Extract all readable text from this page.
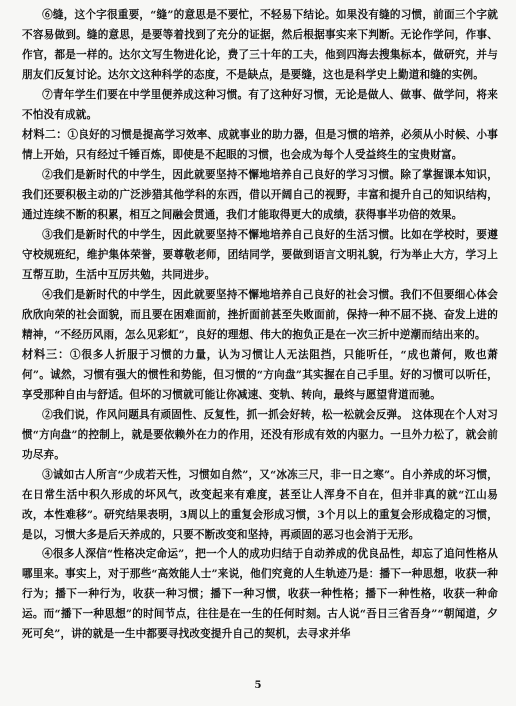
⑥缝，这个字很重要，“缝”的意思是不要忙，不轻易下结论。如果没有缝的习惯，前面三个字就不容易做到。缝的意思，是要等着找到了充分的证据，然后根据事实来下判断。无论作学问，作事、作官，都是一样的。达尔文写生物进化论，费了三十年的工夫，他到四海去搜集标本，做研究，并与朋友们反复讨论。达尔文这种科学的态度，不是缺点，是要缝，这也是科学史上勤道和缝的实例。

⑦青年学生们要在中学里便养成这种习惯。有了这种好习惯，无论是做人、做事、做学问，将来不怕没有成就。

材料二：①良好的习惯是提高学习效率、成就事业的助力器，但是习惯的培养，必须从小时候、小事情上开始，只有经过千锤百炼，即使是不起眼的习惯，也会成为每个人受益终生的宝贵财富。

②我们是新时代的中学生，因此就要坚持不懈地培养自己良好的学习习惯。除了掌握课本知识，我们还要积极主动的广泛涉猎其他学科的东西，借以开阔自己的视野，丰富和提升自己的知识结构，通过连续不断的积累，相互之间融会贯通，我们才能取得更大的成绩，获得事半功倍的效果。

③我们是新时代的中学生，因此就要坚持不懈地培养自己良好的生活习惯。比如在学校时，要遵守校规班纪，维护集体荣誉，要尊敬老师，团结同学，要做到语言文明礼貌，行为举止大方，学习上互帮互助，生活中互厉共勉，共同进步。

④我们是新时代的中学生，因此就要坚持不懈地培养自己良好的社会习惯。我们不但要细心体会欣欣向荣的社会面貌，而且要在困难面前，挫折面前甚至失败面前，保持一种不屈不挠、奋发上进的精神，“不经历风雨，怎么见彩虹”，良好的理想、伟大的抱负正是在一次三折中逆潮而结出来的。

材料三：①很多人折服于习惯的力量，认为习惯让人无法阻挡，只能听任，“成也萧何，败也萧何”。诚然，习惯有强大的惯性和势能，但习惯的“方向盘”其实握在自己手里。好的习惯可以听任，享受那种自由与舒适。但坏的习惯就可能让你减速、变轨、转向，最终与愿望背道而驰。

②我们说，作风问题具有顽固性、反复性，抓一抓会好转，松一松就会反弹。 这体现在个人对习惯“方向盘”的控制上，就是要依赖外在力的作用，还没有形成有效的内驱力。一旦外力松了，就会前功尽弃。

③诚如古人所言“少成若天性，习惯如自然”，又“冰冻三尺，非一日之寒”。自小养成的坏习惯，在日常生活中积久形成的坏风气，改变起来有难度，甚至让人浑身不自在，但并非真的就“江山易改，本性难移”。研究结果表明，3周以上的重复会形成习惯，3个月以上的重复会形成稳定的习惯，是以，习惯大多是后天养成的，只要不断改变和坚持，再顽固的恶习也会消于无形。

④很多人深信“性格决定命运”，把一个人的成功归结于自动养成的优良品性，却忘了追问性格从哪里来。事实上，对于那些“高效能人士”来说，他们究竟的人生轨迹乃是：播下一种思想，收获一种行为；播下一种行为，收获一种习惯；播下一种习惯，收获一种性格；播下一种性格，收获一种命运。而“播下一种思想”的时间节点，往往是在一生的任何时刻。古人说“吾日三省吾身”“朝闻道，夕死可矣”，讲的就是一生中都要寻找改变提升自己的契机，去寻求并华

5
